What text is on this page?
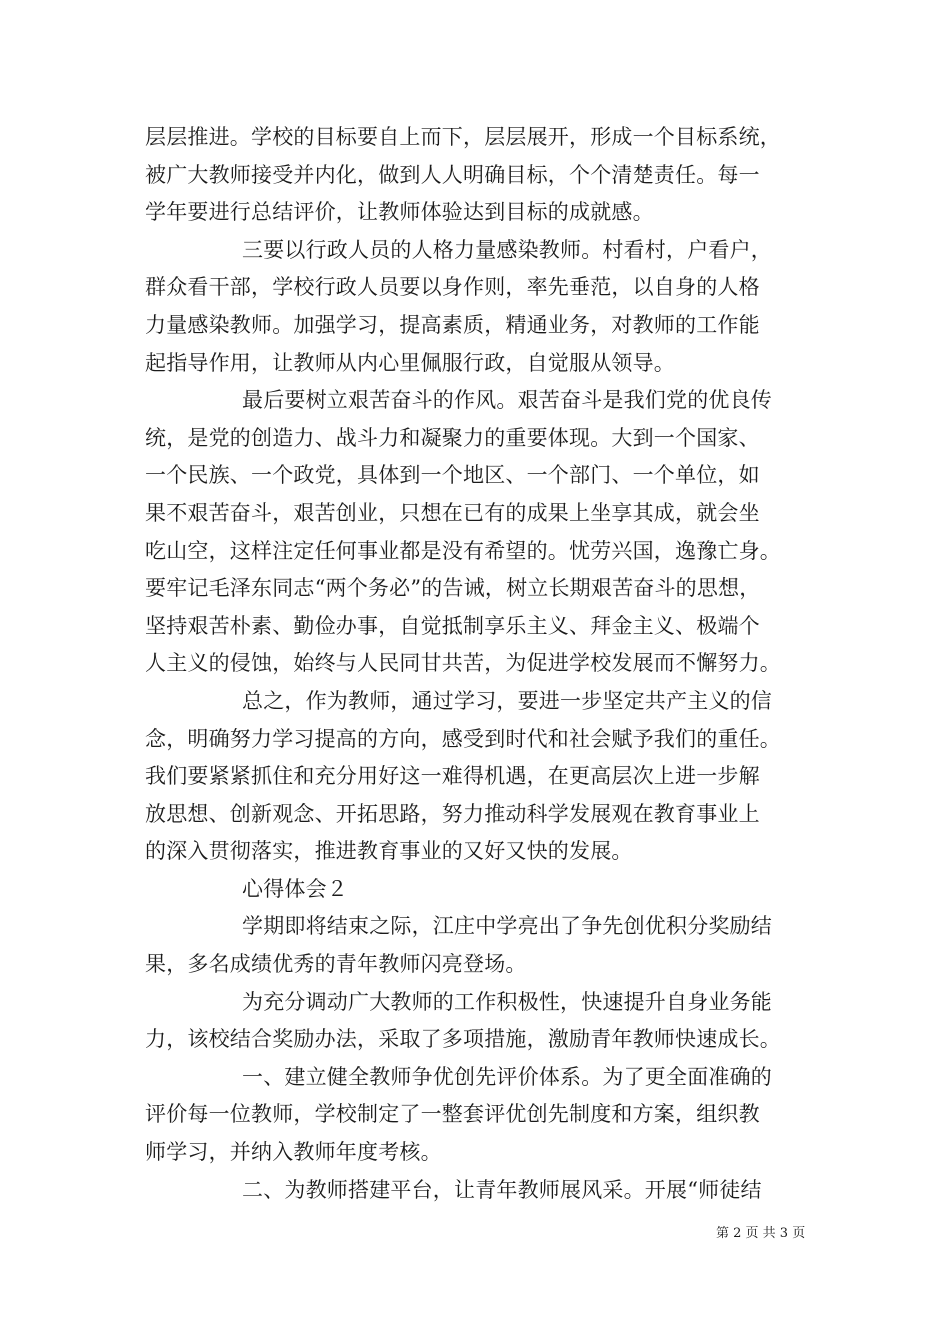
层层推进。学校的目标要自上而下，层层展开，形成一个目标系统，
被广大教师接受并内化，做到人人明确目标，个个清楚责任。每一
学年要进行总结评价，让教师体验达到目标的成就感。
三要以行政人员的人格力量感染教师。村看村，户看户，
群众看干部，学校行政人员要以身作则，率先垂范，以自身的人格
力量感染教师。加强学习，提高素质，精通业务，对教师的工作能
起指导作用，让教师从内心里佩服行政，自觉服从领导。
最后要树立艰苦奋斗的作风。艰苦奋斗是我们党的优良传
统，是党的创造力、战斗力和凝聚力的重要体现。大到一个国家、
一个民族、一个政党，具体到一个地区、一个部门、一个单位，如
果不艰苦奋斗，艰苦创业，只想在已有的成果上坐享其成，就会坐
吃山空，这样注定任何事业都是没有希望的。忧劳兴国，逸豫亡身。
要牢记毛泽东同志“两个务必”的告诫，树立长期艰苦奋斗的思想，
坚持艰苦朴素、勤俭办事，自觉抵制享乐主义、拜金主义、极端个
人主义的侵蚀，始终与人民同甘共苦，为促进学校发展而不懈努力。
总之，作为教师，通过学习，要进一步坚定共产主义的信
念，明确努力学习提高的方向，感受到时代和社会赋予我们的重任。
我们要紧紧抓住和充分用好这一难得机遇，在更高层次上进一步解
放思想、创新观念、开拓思路，努力推动科学发展观在教育事业上
的深入贯彻落实，推进教育事业的又好又快的发展。
心得体会２
学期即将结束之际，江庄中学亮出了争先创优积分奖励结
果，多名成绩优秀的青年教师闪亮登场。
为充分调动广大教师的工作积极性，快速提升自身业务能
力，该校结合奖励办法，采取了多项措施，激励青年教师快速成长。
一、建立健全教师争优创先评价体系。为了更全面准确的
评价每一位教师，学校制定了一整套评优创先制度和方案，组织教
师学习，并纳入教师年度考核。
二、为教师搭建平台，让青年教师展风采。开展“师徒结
第 2 页 共 3 页
